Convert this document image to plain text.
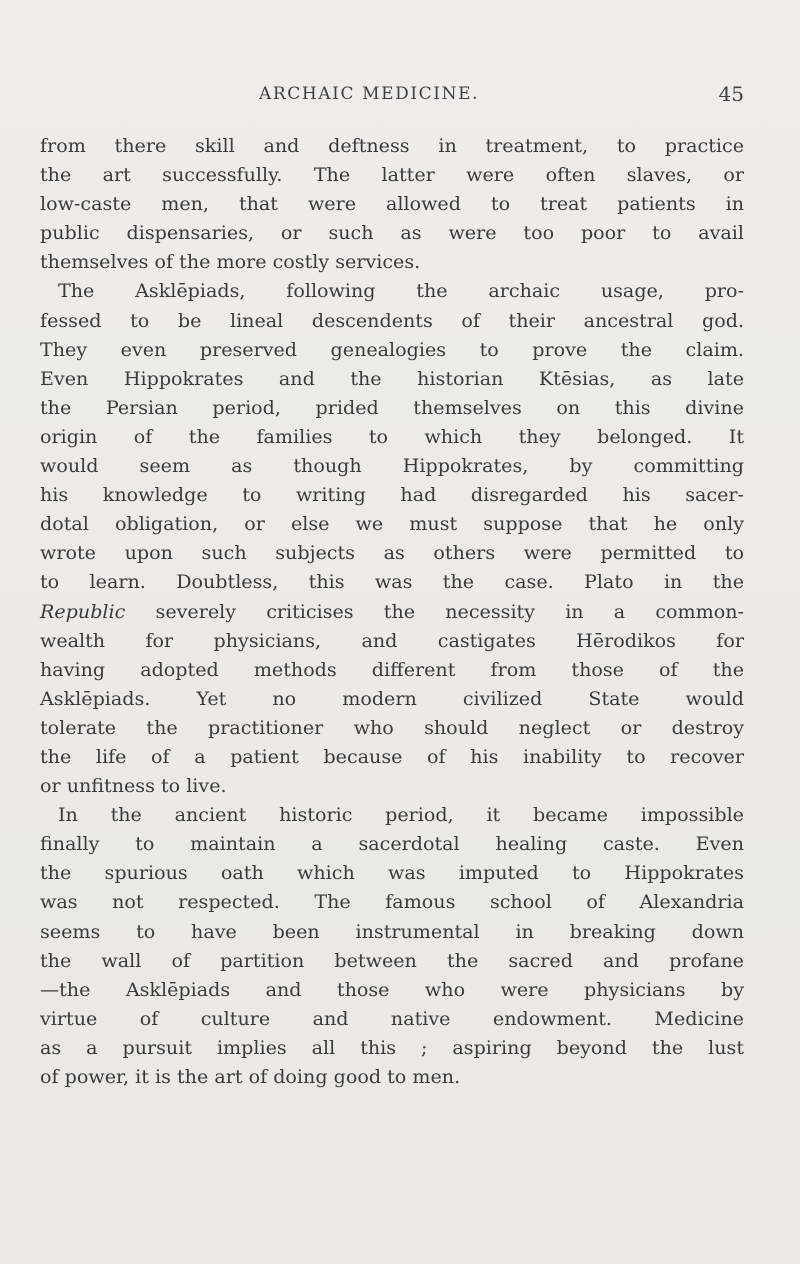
ARCHAIC MEDICINE.	45
from there skill and deftness in treatment, to practice
the art successfully. The latter were often slaves, or
low-caste men, that were allowed to treat patients in
public dispensaries, or such as were too poor to avail
themselves of the more costly services.
The Asklēpiads, following the archaic usage, pro-
fessed to be lineal descendents of their ancestral god.
They even preserved genealogies to prove the claim.
Even Hippokrates and the historian Ktēsias, as late
the Persian period, prided themselves on this divine
origin of the families to which they belonged. It
would seem as though Hippokrates, by committing
his knowledge to writing had disregarded his sacer-
dotal obligation, or else we must suppose that he only
wrote upon such subjects as others were permitted to
to learn. Doubtless, this was the case. Plato in the
Republic severely criticises the necessity in a common-
wealth for physicians, and castigates Hērodikos for
having adopted methods different from those of the
Asklēpiads. Yet no modern civilized State would
tolerate the practitioner who should neglect or destroy
the life of a patient because of his inability to recover
or unfitness to live.
In the ancient historic period, it became impossible
finally to maintain a sacerdotal healing caste. Even
the spurious oath which was imputed to Hippokrates
was not respected. The famous school of Alexandria
seems to have been instrumental in breaking down
the wall of partition between the sacred and profane
—the Asklēpiads and those who were physicians by
virtue of culture and native endowment. Medicine
as a pursuit implies all this ; aspiring beyond the lust
of power, it is the art of doing good to men.
